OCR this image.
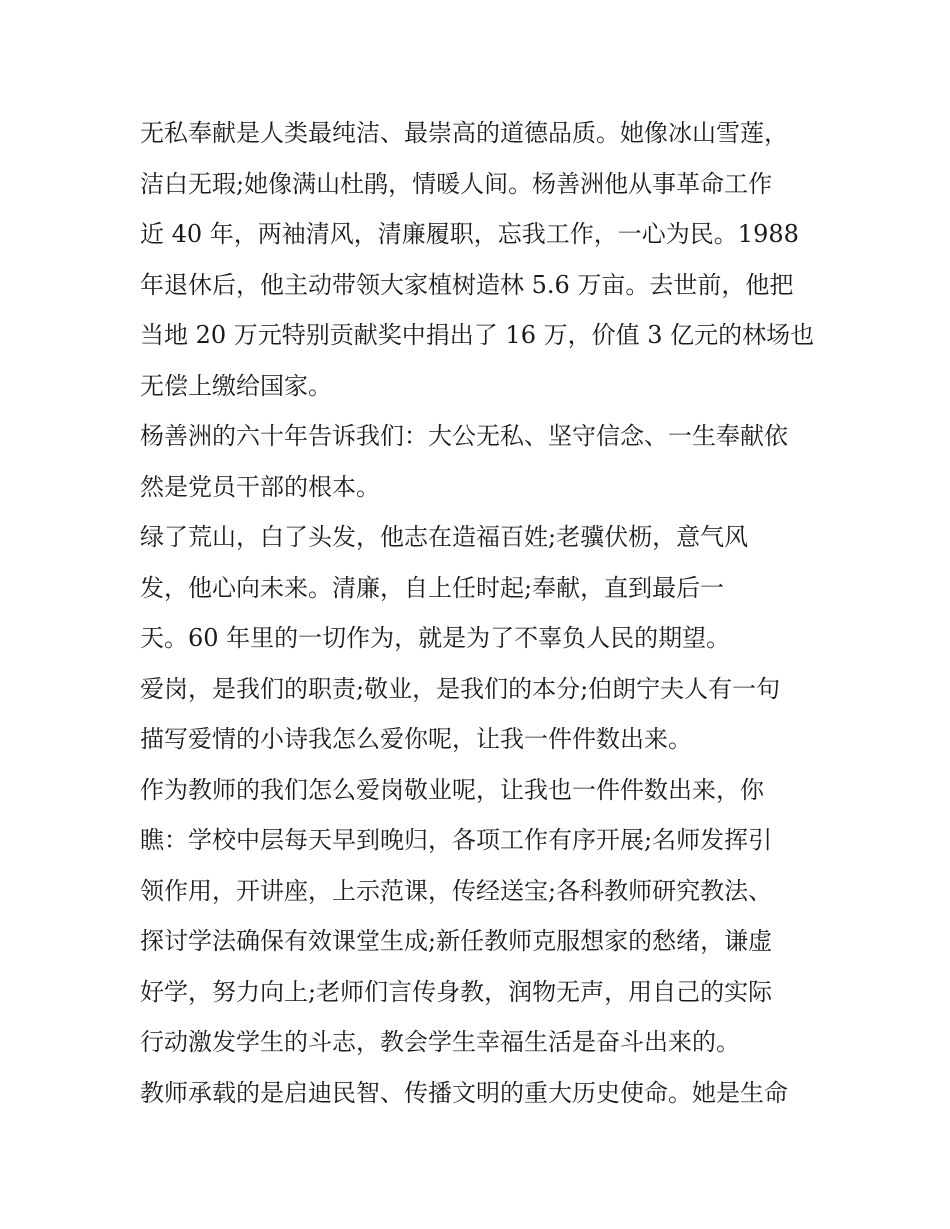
无私奉献是人类最纯洁、最崇高的道德品质。她像冰山雪莲，
洁白无瑕;她像满山杜鹃，情暖人间。杨善洲他从事革命工作
近 40 年，两袖清风，清廉履职，忘我工作，一心为民。1988
年退休后，他主动带领大家植树造林 5.6 万亩。去世前，他把
当地 20 万元特别贡献奖中捐出了 16 万，价值 3 亿元的林场也
无偿上缴给国家。
杨善洲的六十年告诉我们：大公无私、坚守信念、一生奉献依
然是党员干部的根本。
绿了荒山，白了头发，他志在造福百姓;老骥伏枥，意气风
发，他心向未来。清廉，自上任时起;奉献，直到最后一
天。60 年里的一切作为，就是为了不辜负人民的期望。
爱岗，是我们的职责;敬业，是我们的本分;伯朗宁夫人有一句
描写爱情的小诗我怎么爱你呢，让我一件件数出来。
作为教师的我们怎么爱岗敬业呢，让我也一件件数出来，你
瞧：学校中层每天早到晚归，各项工作有序开展;名师发挥引
领作用，开讲座，上示范课，传经送宝;各科教师研究教法、
探讨学法确保有效课堂生成;新任教师克服想家的愁绪，谦虚
好学，努力向上;老师们言传身教，润物无声，用自己的实际
行动激发学生的斗志，教会学生幸福生活是奋斗出来的。
教师承载的是启迪民智、传播文明的重大历史使命。她是生命
